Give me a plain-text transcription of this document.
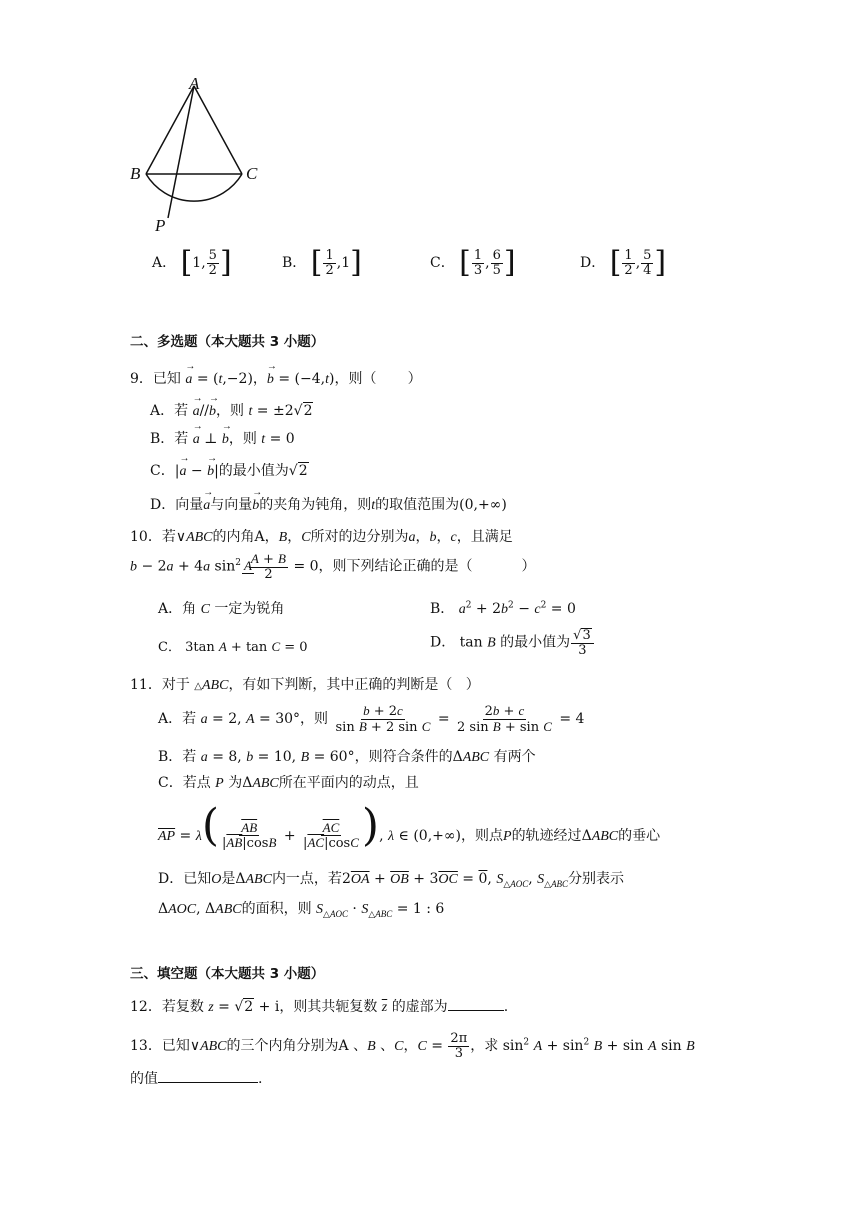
A
B	C
P
A． [ 1, $\frac{5}{2}$ ]	B． [ $\frac{1}{2} ,1$ ]	C． [ $\frac{1}{3}$ , $\frac{6}{5}$ ]	D． [ $\frac{1}{2}$ , $\frac{5}{4}$ ]
二、多选题（本大题共 3 小题）
9．已知 → a = (t,−2)，→ b = (−4,t)，则（ ）
A．若 → a//→ b，则 t = ±2√2
B．若 → a ⊥ → b，则 t = 0
C．|→ a − → b|的最小值为√2
D．向量→ a与向量→ b的夹角为钝角，则t的取值范围为(0,+∞)
10．若∨ABC的内角A，B，C所对的边分别为a，b，c，且满足
b − 2a + 4a $\sin^2 A$
$\frac{A + B}{2} = 0$，则下列结论正确的是（	）
A．角 C 一定为锐角	B． $a^2 + 2b^2 - c^2 = 0$
C． 3tan A + tan C = 0	D． tan B 的最小值为 $\frac{√3}{3}$
11．对于 △ABC，有如下判断，其中正确的判断是（ ）
A．若 a = 2, A = 30°，则 $\frac{b + 2c}{\text{sin B + 2 sin C}} = \frac{2b + c}{\text{2 sin B + sin C}} = 4$
B．若 a = 8, b = 10, B = 60°，则符合条件的ΔABC 有两个
C．若点 P 为ΔABC所在平面内的动点，且
$\overline{AP} = \lambda( \frac{\overline{AB}}{|\overline{AB}|\cos B} + \frac{\overline{AC}}{|\overline{AC}|\cos C}$ ), λ ∈ (0,+∞)，则点P的轨迹经过ΔABC的垂心
D．已知O是ΔABC内一点，若$2\overline{OA} + \overline{OB} + 3\overline{OC} = 0$, $S_{\triangle AOC}$, $S_{\triangle ABC}$分别表示
ΔAOC, ΔABC的面积，则 $S_{\triangle AOC} \cdot S_{\triangle ABC} = 1$ : 6
三、填空题（本大题共 3 小题）
12．若复数 z = √2 + i，则其共轭复数 $\overline{z}$ 的虚部为	.
13．已知∨ABC的三个内角分别为A 、B 、C，$C = \frac{2\pi}{3}$ ，求 $\sin^2 A + \sin^2 B + \sin A$ sin B
的值	.
